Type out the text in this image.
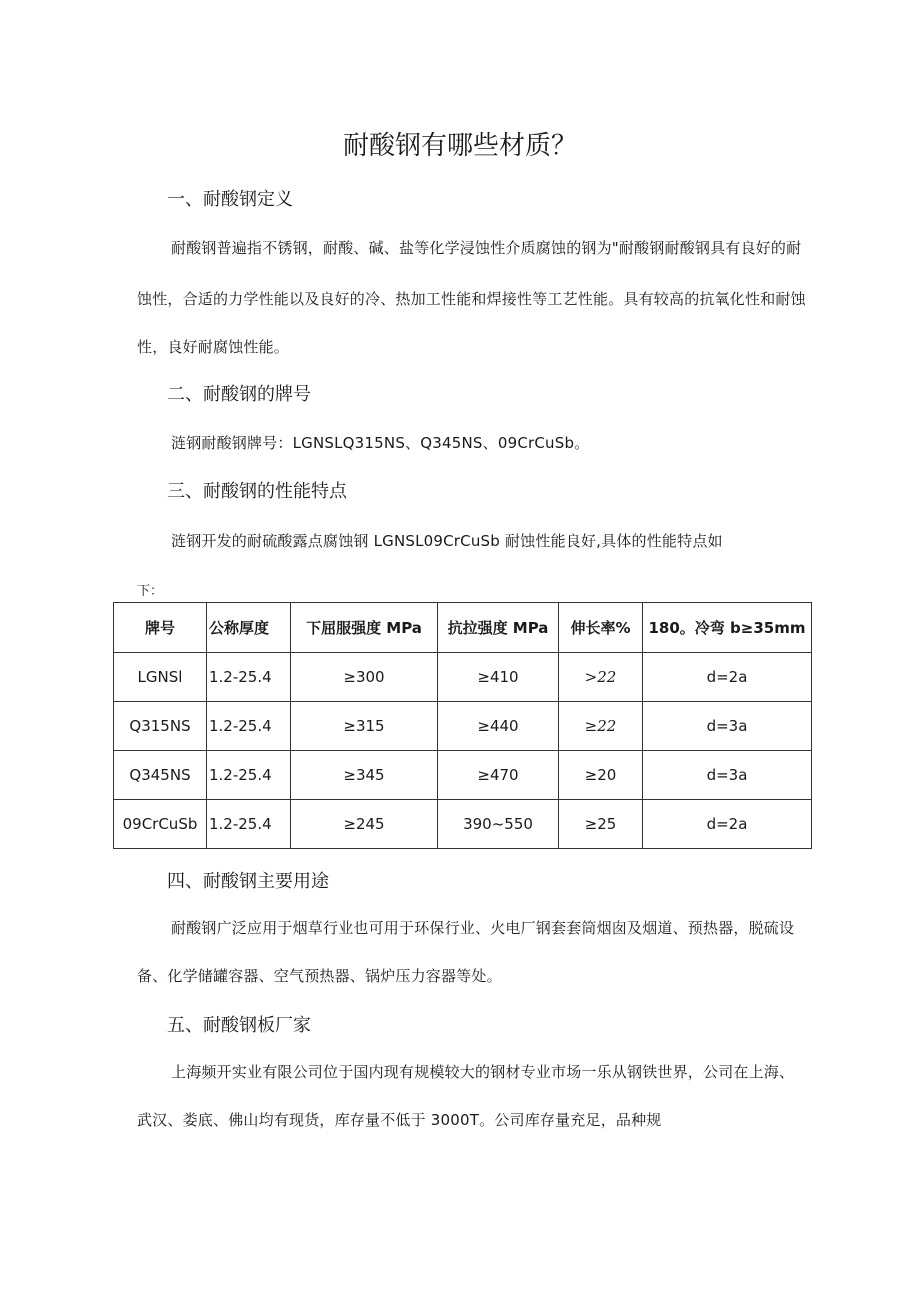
耐酸钢有哪些材质？
一、耐酸钢定义
耐酸钢普遍指不锈钢，耐酸、碱、盐等化学浸蚀性介质腐蚀的钢为"耐酸钢耐酸钢具有良好的耐
蚀性，合适的力学性能以及良好的冷、热加工性能和焊接性等工艺性能。具有较高的抗氧化性和耐蚀
性，良好耐腐蚀性能。
二、耐酸钢的牌号
涟钢耐酸钢牌号：LGNSLQ315NS、Q345NS、09CrCuSb。
三、耐酸钢的性能特点
涟钢开发的耐硫酸露点腐蚀钢 LGNSL09CrCuSb 耐蚀性能良好,具体的性能特点如
下：
牌号	公称厚度	下屈服强度 MPa	抗拉强度 MPa	伸长率%	180。冷弯 b≥35mm
LGNSl	1.2-25.4	≥300	≥410	>22	d=2a
Q315NS	1.2-25.4	≥315	≥440	≥22	d=3a
Q345NS	1.2-25.4	≥345	≥470	≥20	d=3a
09CrCuSb	1.2-25.4	≥245	390~550	≥25	d=2a
四、耐酸钢主要用途
耐酸钢广泛应用于烟草行业也可用于环保行业、火电厂钢套套筒烟囱及烟道、预热器，脱硫设
备、化学储罐容器、空气预热器、锅炉压力容器等处。
五、耐酸钢板厂家
上海频开实业有限公司位于国内现有规模较大的钢材专业市场一乐从钢铁世界，公司在上海、
武汉、娄底、佛山均有现货，库存量不低于 3000T。公司库存量充足，品种规
